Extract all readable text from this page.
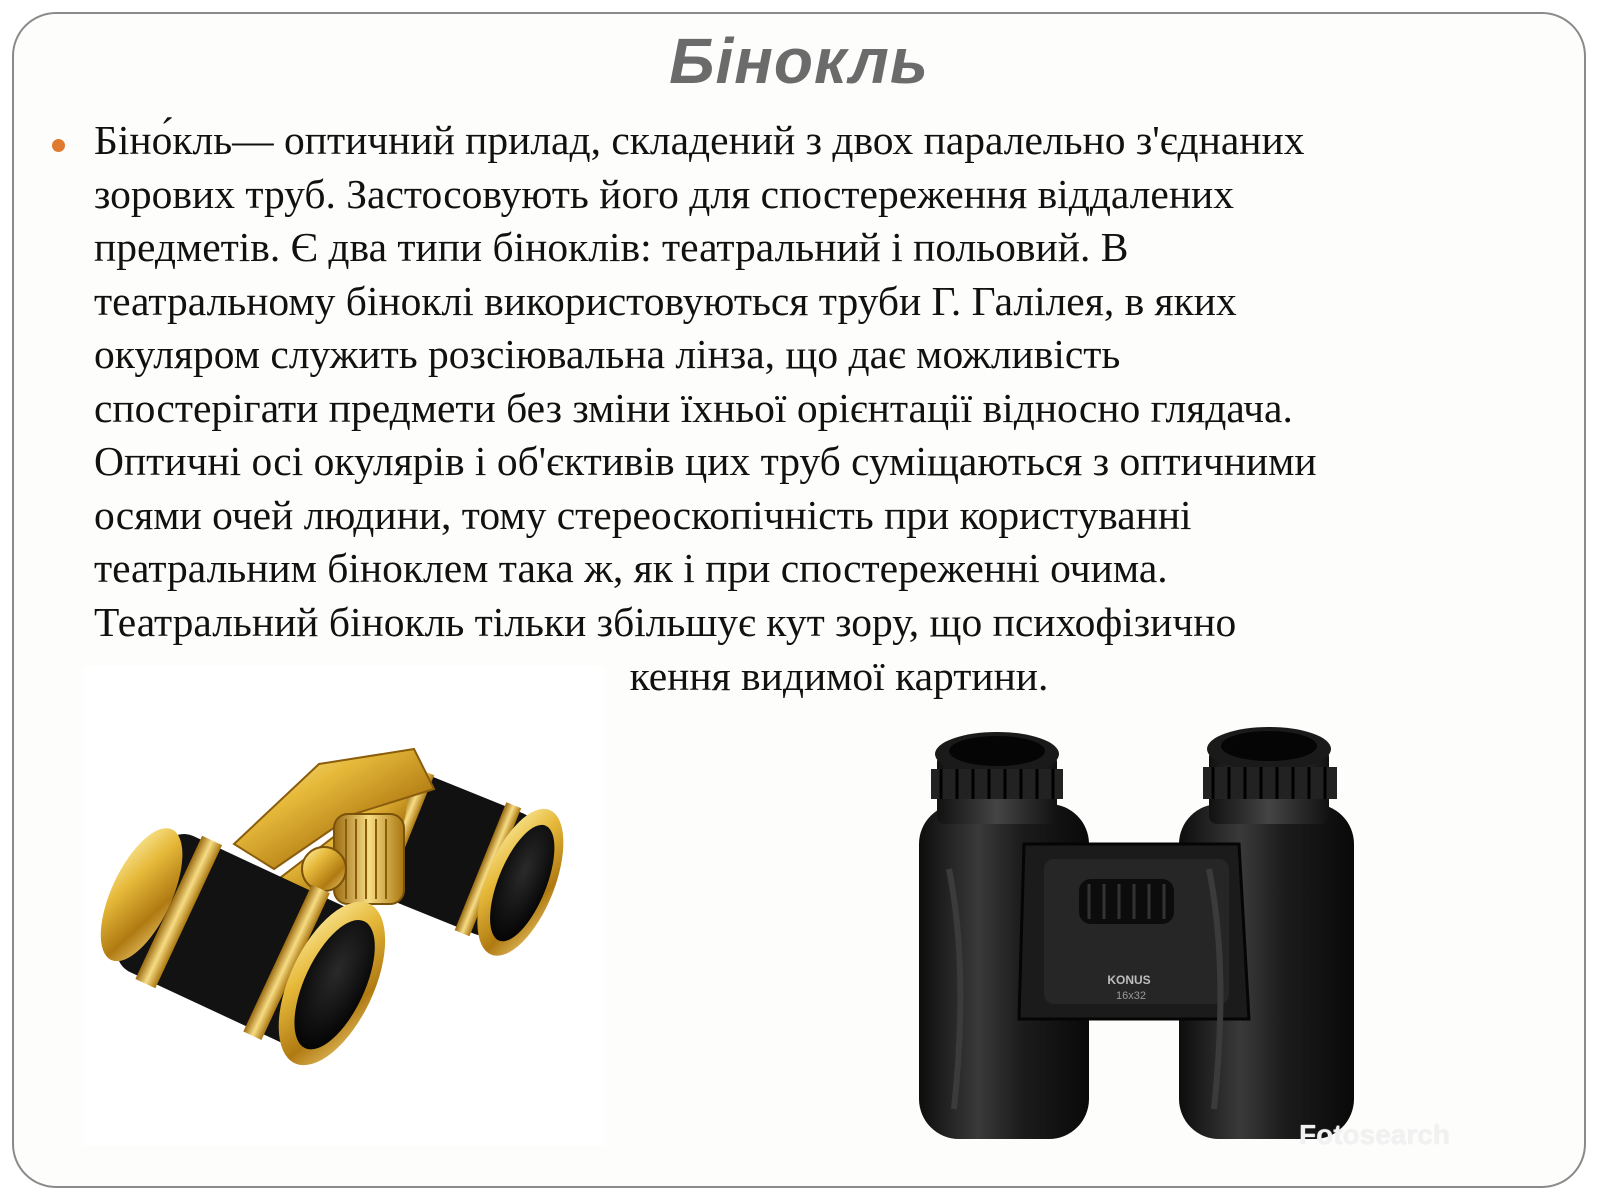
Бінокль
Біно́кль— оптичний прилад, складений з двох паралельно з'єднаних
зорових труб. Застосовують його для спостереження віддалених
предметів. Є два типи біноклів: театральний і польовий. В
театральному біноклі використовуються труби Г. Галілея, в яких
окуляром служить розсіювальна лінза, що дає можливість
спостерігати предмети без зміни їхньої орієнтації відносно глядача.
Оптичні осі окулярів і об'єктивів цих труб суміщаються з оптичними
осями очей людини, тому стереоскопічність при користуванні
театральним біноклем така ж, як і при спостереженні очима.
Театральний бінокль тільки збільшує кут зору, що психофізично
кення видимої картини.
KONUS
16x32
Fotosearch
